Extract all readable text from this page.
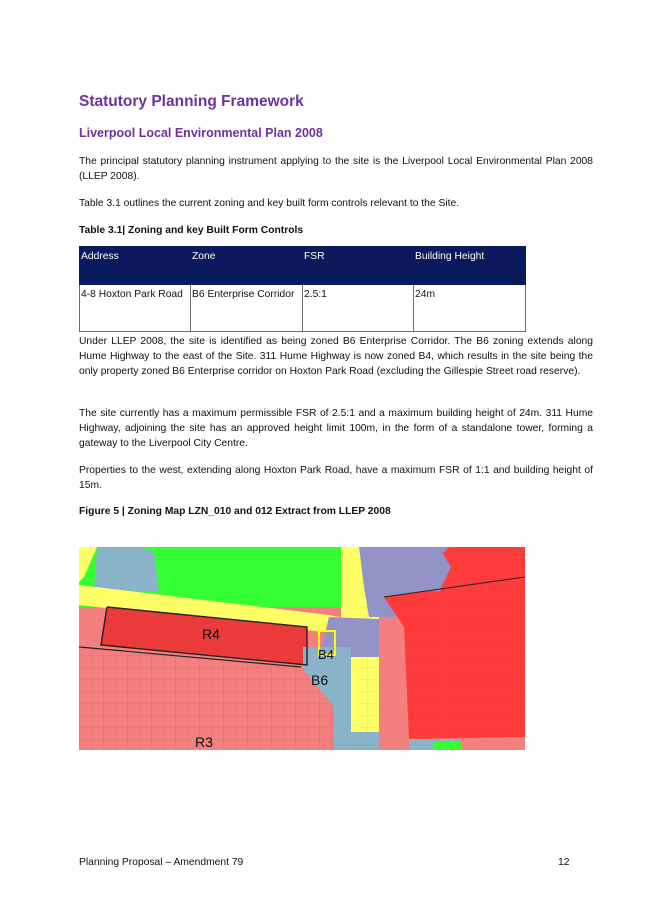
Statutory Planning Framework
Liverpool Local Environmental Plan 2008

The principal statutory planning instrument applying to the site is the Liverpool Local Environmental Plan 2008 (LLEP 2008).

Table 3.1 outlines the current zoning and key built form controls relevant to the Site.

Table 3.1| Zoning and key Built Form Controls

Address	Zone	FSR	Building Height
4-8 Hoxton Park Road	B6 Enterprise Corridor	2.5:1	24m

Under LLEP 2008, the site is identified as being zoned B6 Enterprise Corridor. The B6 zoning extends along Hume Highway to the east of the Site. 311 Hume Highway is now zoned B4, which results in the site being the only property zoned B6 Enterprise corridor on Hoxton Park Road (excluding the Gillespie Street road reserve).

The site currently has a maximum permissible FSR of 2.5:1 and a maximum building height of 24m. 311 Hume Highway, adjoining the site has an approved height limit 100m, in the form of a standalone tower, forming a gateway to the Liverpool City Centre.

Properties to the west, extending along Hoxton Park Road, have a maximum FSR of 1:1 and building height of 15m.

Figure 5 | Zoning Map LZN_010 and 012 Extract from LLEP 2008

R4
B4
B6
R3
Planning Proposal – Amendment 79	12
